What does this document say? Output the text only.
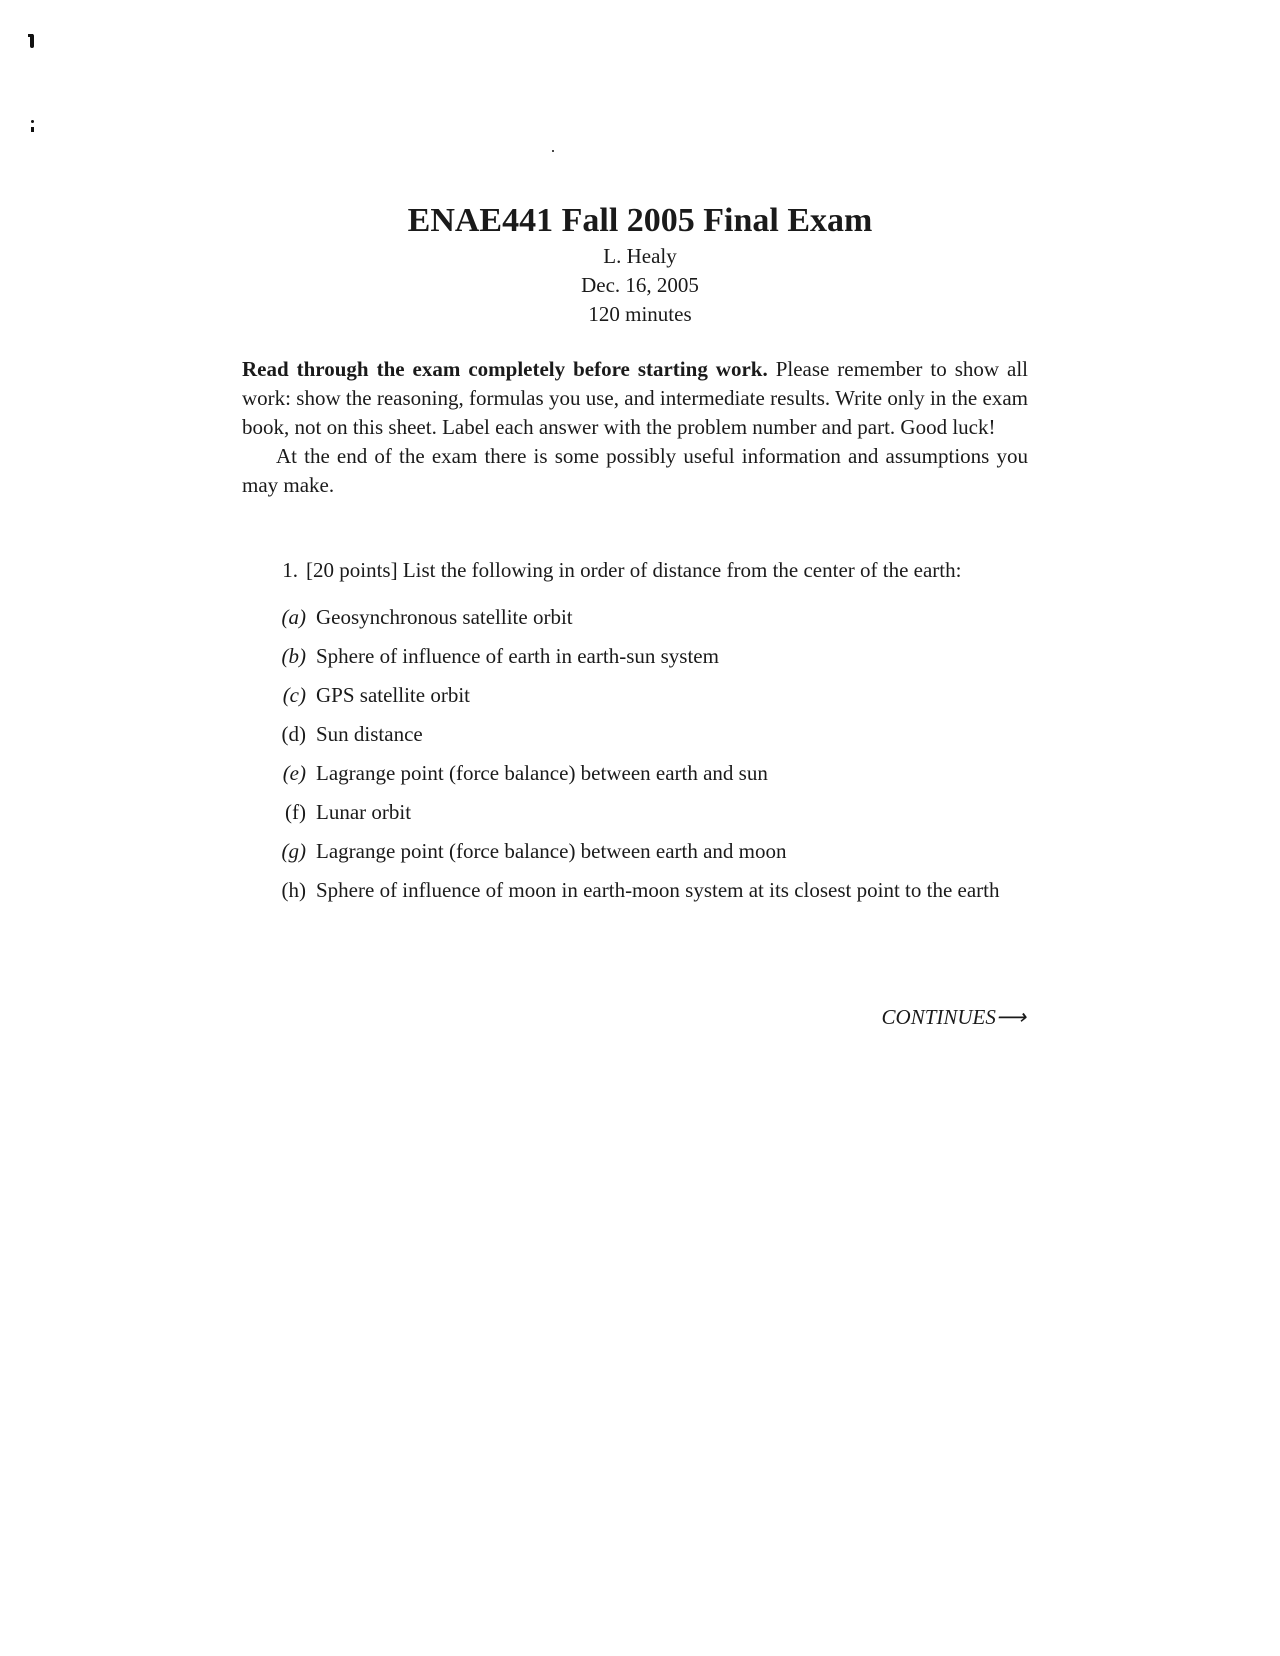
ENAE441 Fall 2005 Final Exam

L. Healy

Dec. 16, 2005

120 minutes

Read through the exam completely before starting work. Please remember to show all work: show the reasoning, formulas you use, and intermediate results. Write only in the exam book, not on this sheet. Label each answer with the problem number and part. Good luck!

At the end of the exam there is some possibly useful information and assumptions you may make.

1. [20 points] List the following in order of distance from the center of the earth:
(a) Geosynchronous satellite orbit
(b) Sphere of influence of earth in earth-sun system
(c) GPS satellite orbit
(d) Sun distance
(e) Lagrange point (force balance) between earth and sun
(f) Lunar orbit
(g) Lagrange point (force balance) between earth and moon
(h) Sphere of influence of moon in earth-moon system at its closest point to the earth
CONTINUES⟶
